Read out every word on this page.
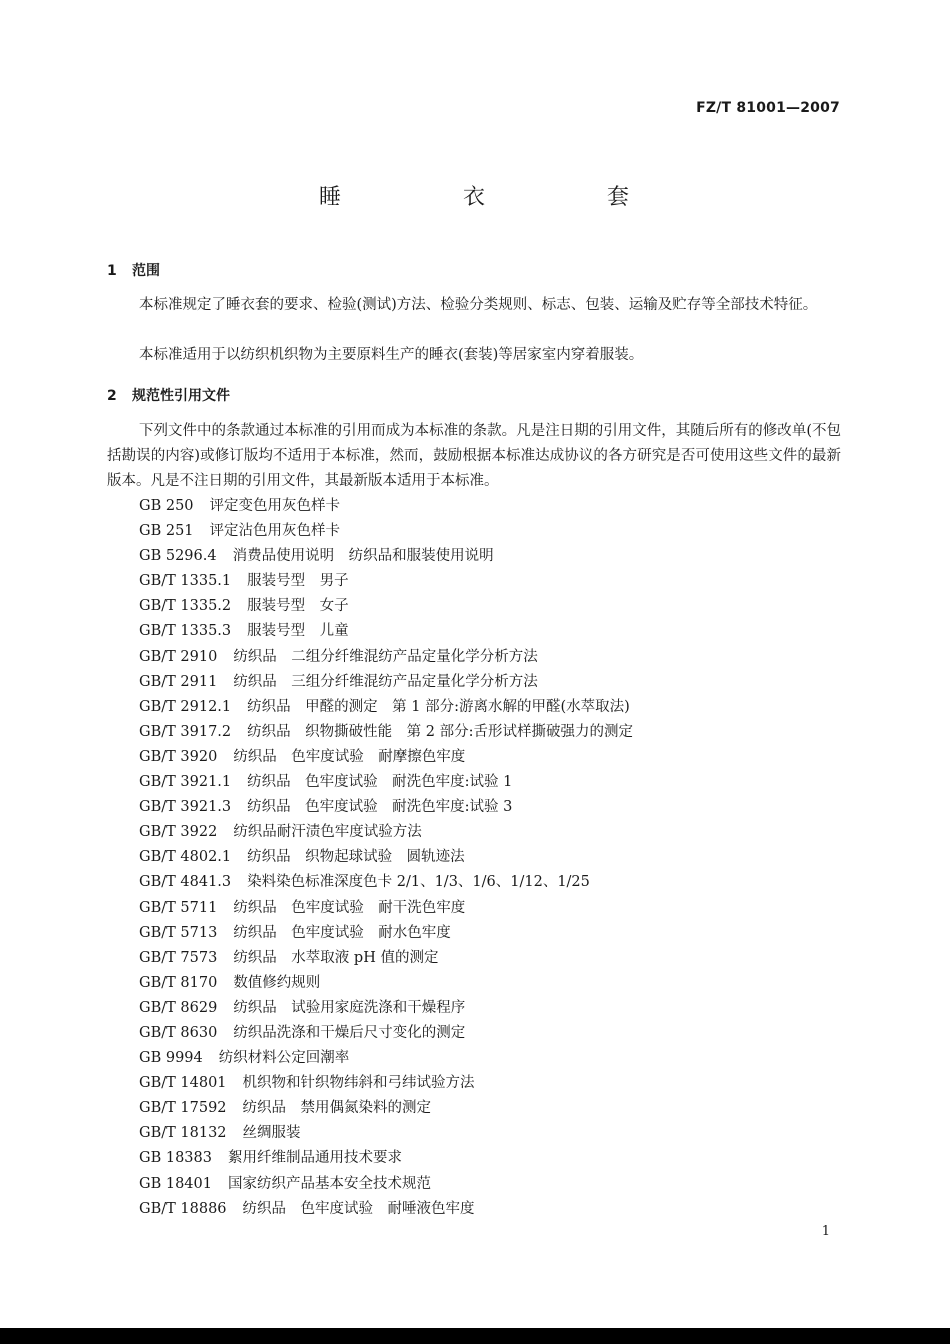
FZ/T 81001—2007
睡　衣　套
1 范围
本标准规定了睡衣套的要求、检验(测试)方法、检验分类规则、标志、包装、运输及贮存等全部技术特征。
本标准适用于以纺织机织物为主要原料生产的睡衣(套装)等居家室内穿着服装。
2 规范性引用文件
下列文件中的条款通过本标准的引用而成为本标准的条款。凡是注日期的引用文件，其随后所有的修改单(不包括勘误的内容)或修订版均不适用于本标准，然而，鼓励根据本标准达成协议的各方研究是否可使用这些文件的最新版本。凡是不注日期的引用文件，其最新版本适用于本标准。
GB 250 评定变色用灰色样卡
GB 251 评定沾色用灰色样卡
GB 5296.4 消费品使用说明　纺织品和服装使用说明
GB/T 1335.1 服装号型　男子
GB/T 1335.2 服装号型　女子
GB/T 1335.3 服装号型　儿童
GB/T 2910 纺织品　二组分纤维混纺产品定量化学分析方法
GB/T 2911 纺织品　三组分纤维混纺产品定量化学分析方法
GB/T 2912.1 纺织品　甲醛的测定　第 1 部分:游离水解的甲醛(水萃取法)
GB/T 3917.2 纺织品　织物撕破性能　第 2 部分:舌形试样撕破强力的测定
GB/T 3920 纺织品　色牢度试验　耐摩擦色牢度
GB/T 3921.1 纺织品　色牢度试验　耐洗色牢度:试验 1
GB/T 3921.3 纺织品　色牢度试验　耐洗色牢度:试验 3
GB/T 3922 纺织品耐汗渍色牢度试验方法
GB/T 4802.1 纺织品　织物起球试验　圆轨迹法
GB/T 4841.3 染料染色标准深度色卡 2/1、1/3、1/6、1/12、1/25
GB/T 5711 纺织品　色牢度试验　耐干洗色牢度
GB/T 5713 纺织品　色牢度试验　耐水色牢度
GB/T 7573 纺织品　水萃取液 pH 值的测定
GB/T 8170 数值修约规则
GB/T 8629 纺织品　试验用家庭洗涤和干燥程序
GB/T 8630 纺织品洗涤和干燥后尺寸变化的测定
GB 9994 纺织材料公定回潮率
GB/T 14801 机织物和针织物纬斜和弓纬试验方法
GB/T 17592 纺织品　禁用偶氮染料的测定
GB/T 18132 丝绸服装
GB 18383 絮用纤维制品通用技术要求
GB 18401 国家纺织产品基本安全技术规范
GB/T 18886 纺织品　色牢度试验　耐唾液色牢度
1
